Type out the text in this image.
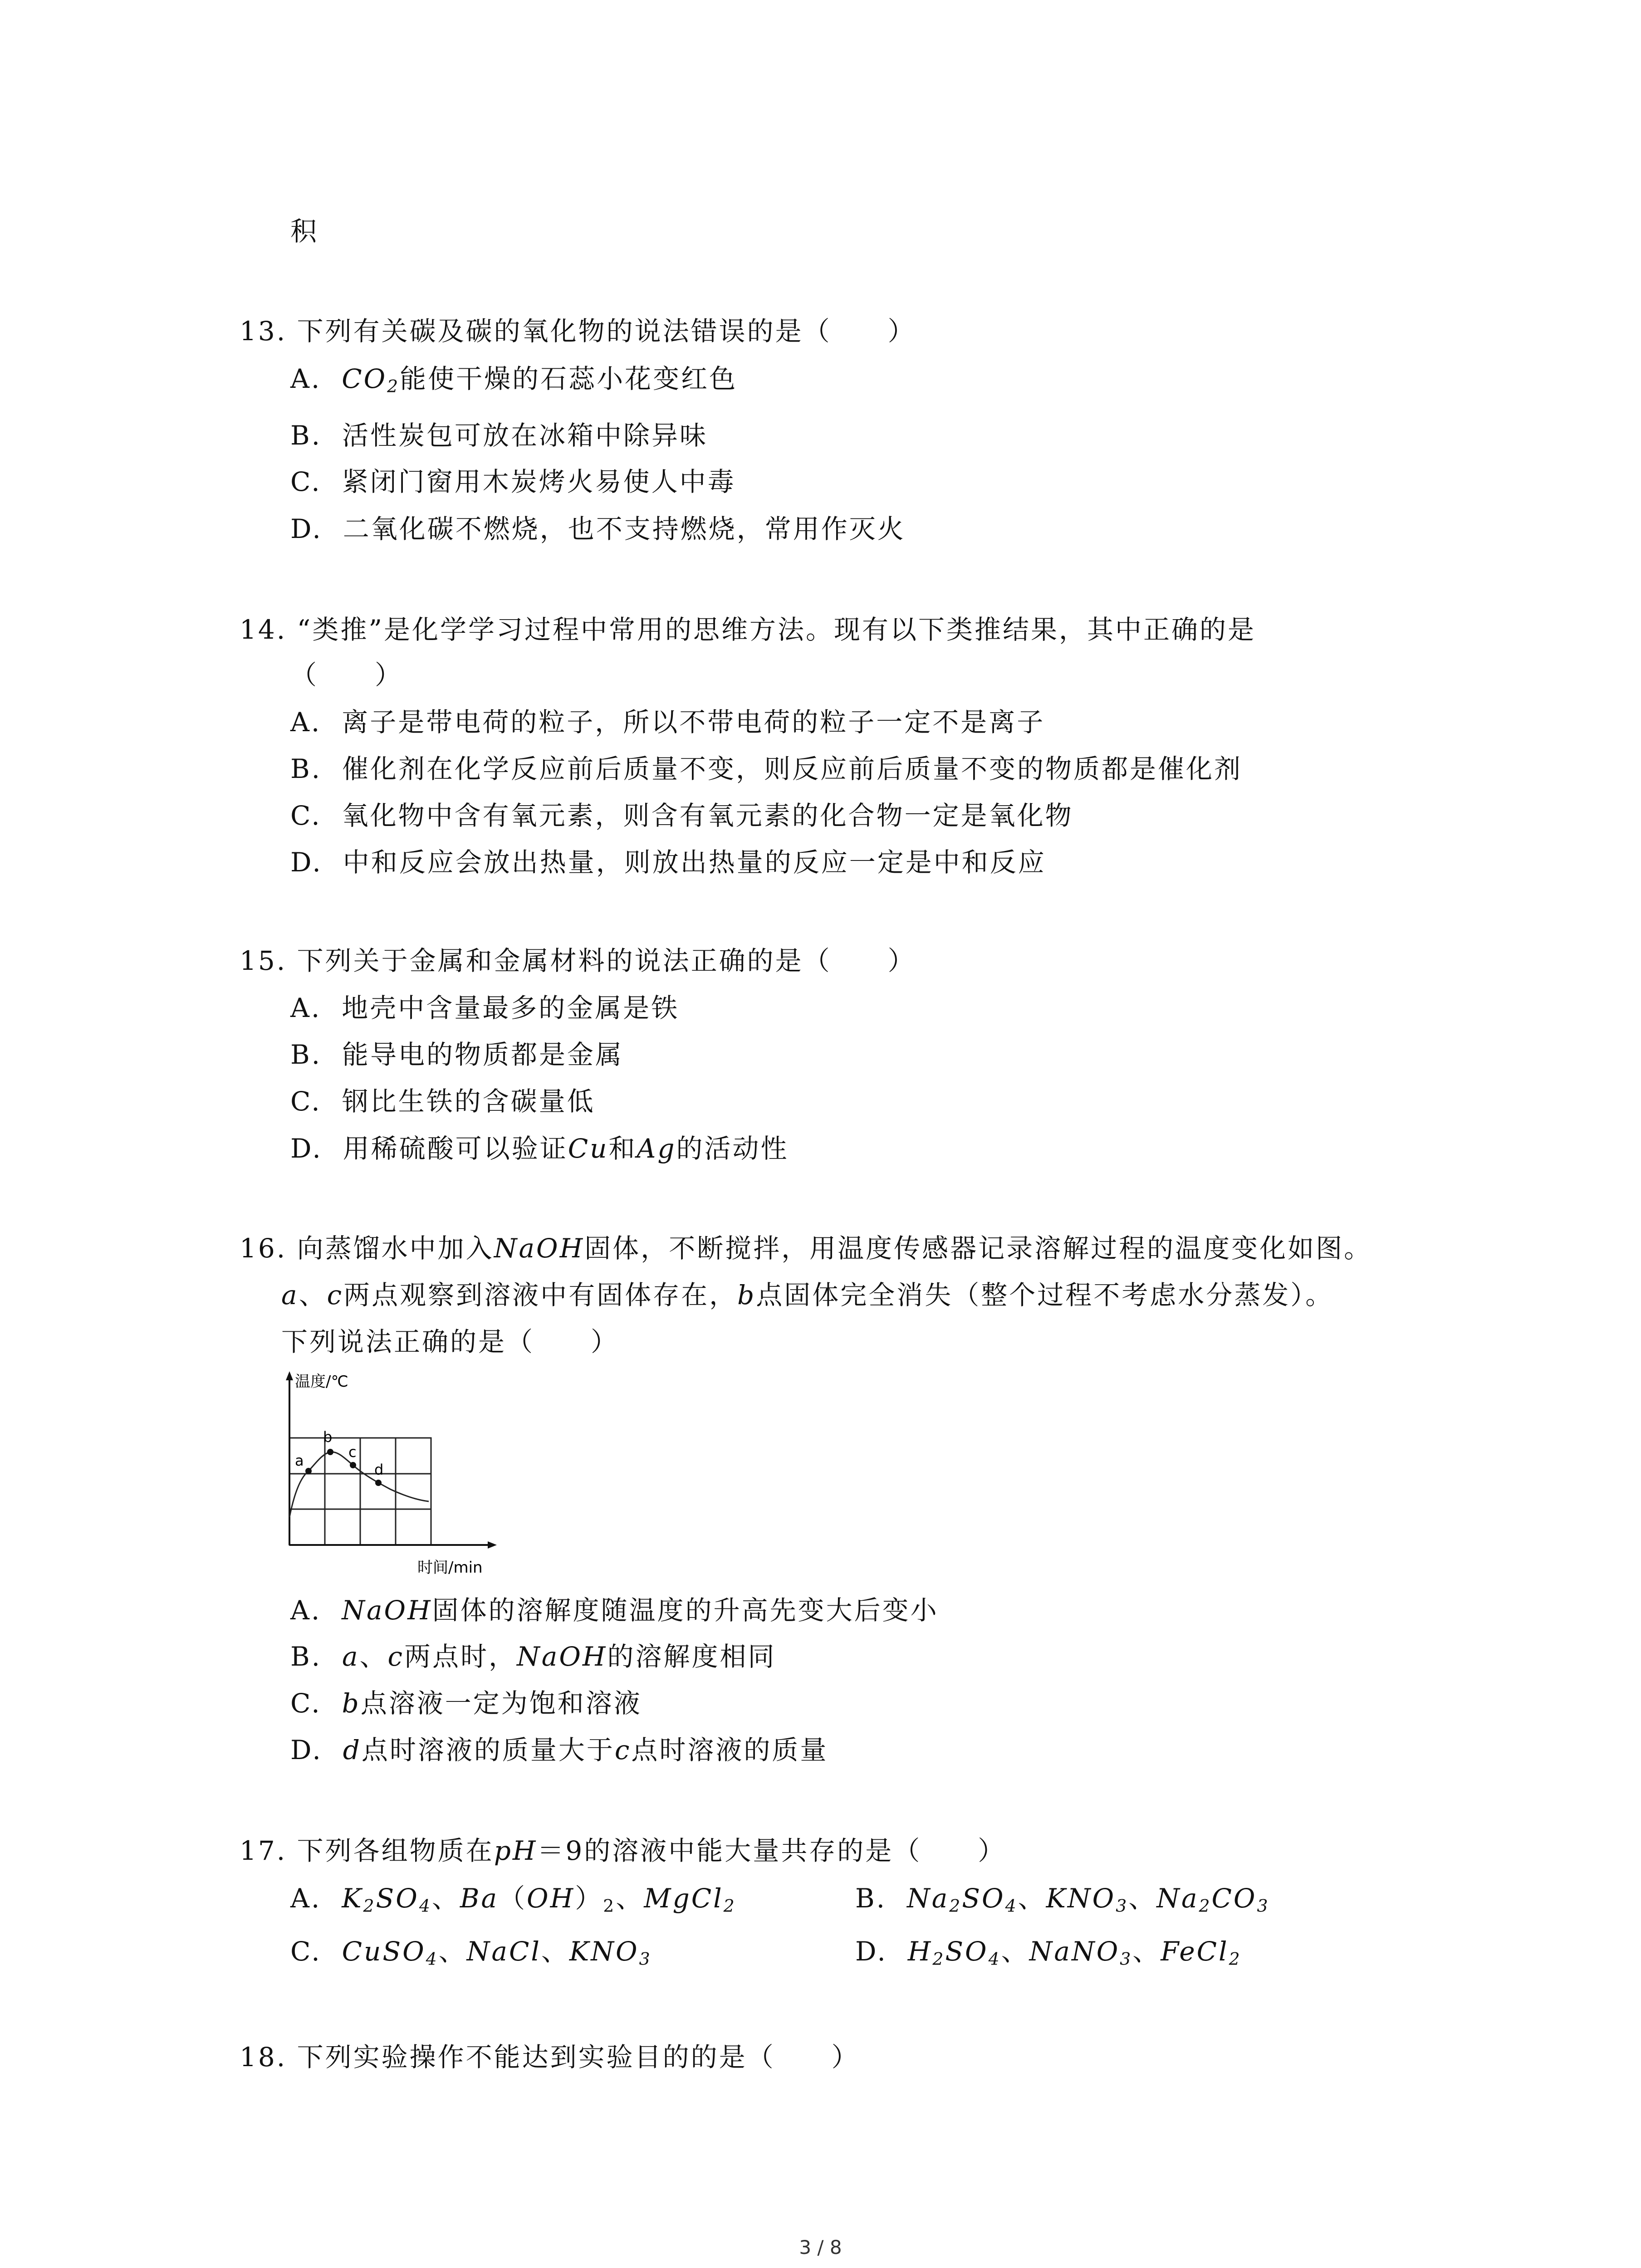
积
13. 下列有关碳及碳的氧化物的说法错误的是（　　）
A. $CO_2$能使干燥的石蕊小花变红色
B. 活性炭包可放在冰箱中除异味
C. 紧闭门窗用木炭烤火易使人中毒
D. 二氧化碳不燃烧，也不支持燃烧，常用作灭火
14. “类推”是化学学习过程中常用的思维方法。现有以下类推结果，其中正确的是
（　　）
A. 离子是带电荷的粒子，所以不带电荷的粒子一定不是离子
B. 催化剂在化学反应前后质量不变，则反应前后质量不变的物质都是催化剂
C. 氧化物中含有氧元素，则含有氧元素的化合物一定是氧化物
D. 中和反应会放出热量，则放出热量的反应一定是中和反应
15. 下列关于金属和金属材料的说法正确的是（　　）
A. 地壳中含量最多的金属是铁
B. 能导电的物质都是金属
C. 钢比生铁的含碳量低
D. 用稀硫酸可以验证Cu和Ag的活动性
16. 向蒸馏水中加入NaOH固体，不断搅拌，用温度传感器记录溶解过程的温度变化如图。
a、c两点观察到溶液中有固体存在，b点固体完全消失（整个过程不考虑水分蒸发）。
下列说法正确的是（　　）
a
b
c
d
温度/℃
时间/min
A. NaOH固体的溶解度随温度的升高先变大后变小
B. a、c两点时，NaOH的溶解度相同
C. b点溶液一定为饱和溶液
D. d点时溶液的质量大于c点时溶液的质量
17. 下列各组物质在pH＝9的溶液中能大量共存的是（　　）
A. $K_2SO_4$、$Ba(OH)_2$、MgCl$_2$	B. $Na_2SO_4$、$KNO_3$、$Na_2CO_3$
C. CuSO$_4$、NaCl、$KNO_3$	D. $H_2SO_4$、NaNO$_3$、FeCl$_2$
18. 下列实验操作不能达到实验目的的是（　　）
3 / 8
